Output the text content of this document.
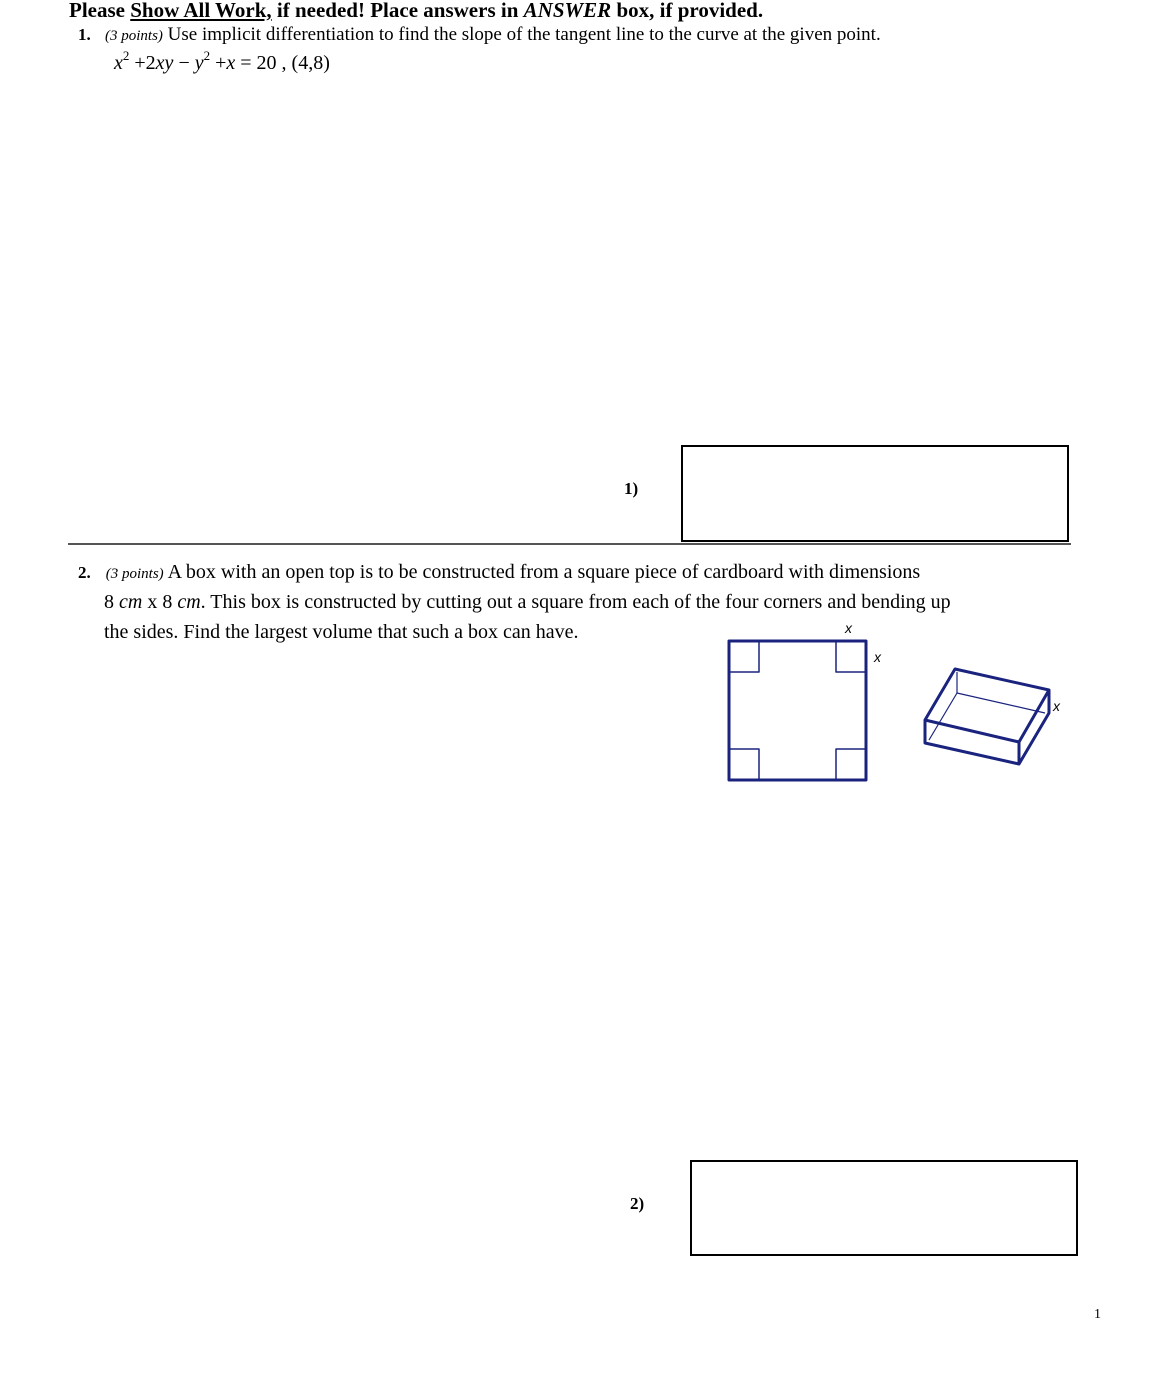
Please Show All Work, if needed! Place answers in ANSWER box, if provided.
1. (3 points) Use implicit differentiation to find the slope of the tangent line to the curve at the given point.
$x^2 +2xy - y^2 +x = 20$ , (4,8)
1)
2. (3 points) A box with an open top is to be constructed from a square piece of cardboard with dimensions
8 cm x 8 cm. This box is constructed by cutting out a square from each of the four corners and bending up
the sides. Find the largest volume that such a box can have.	x
x
x
2)
1
